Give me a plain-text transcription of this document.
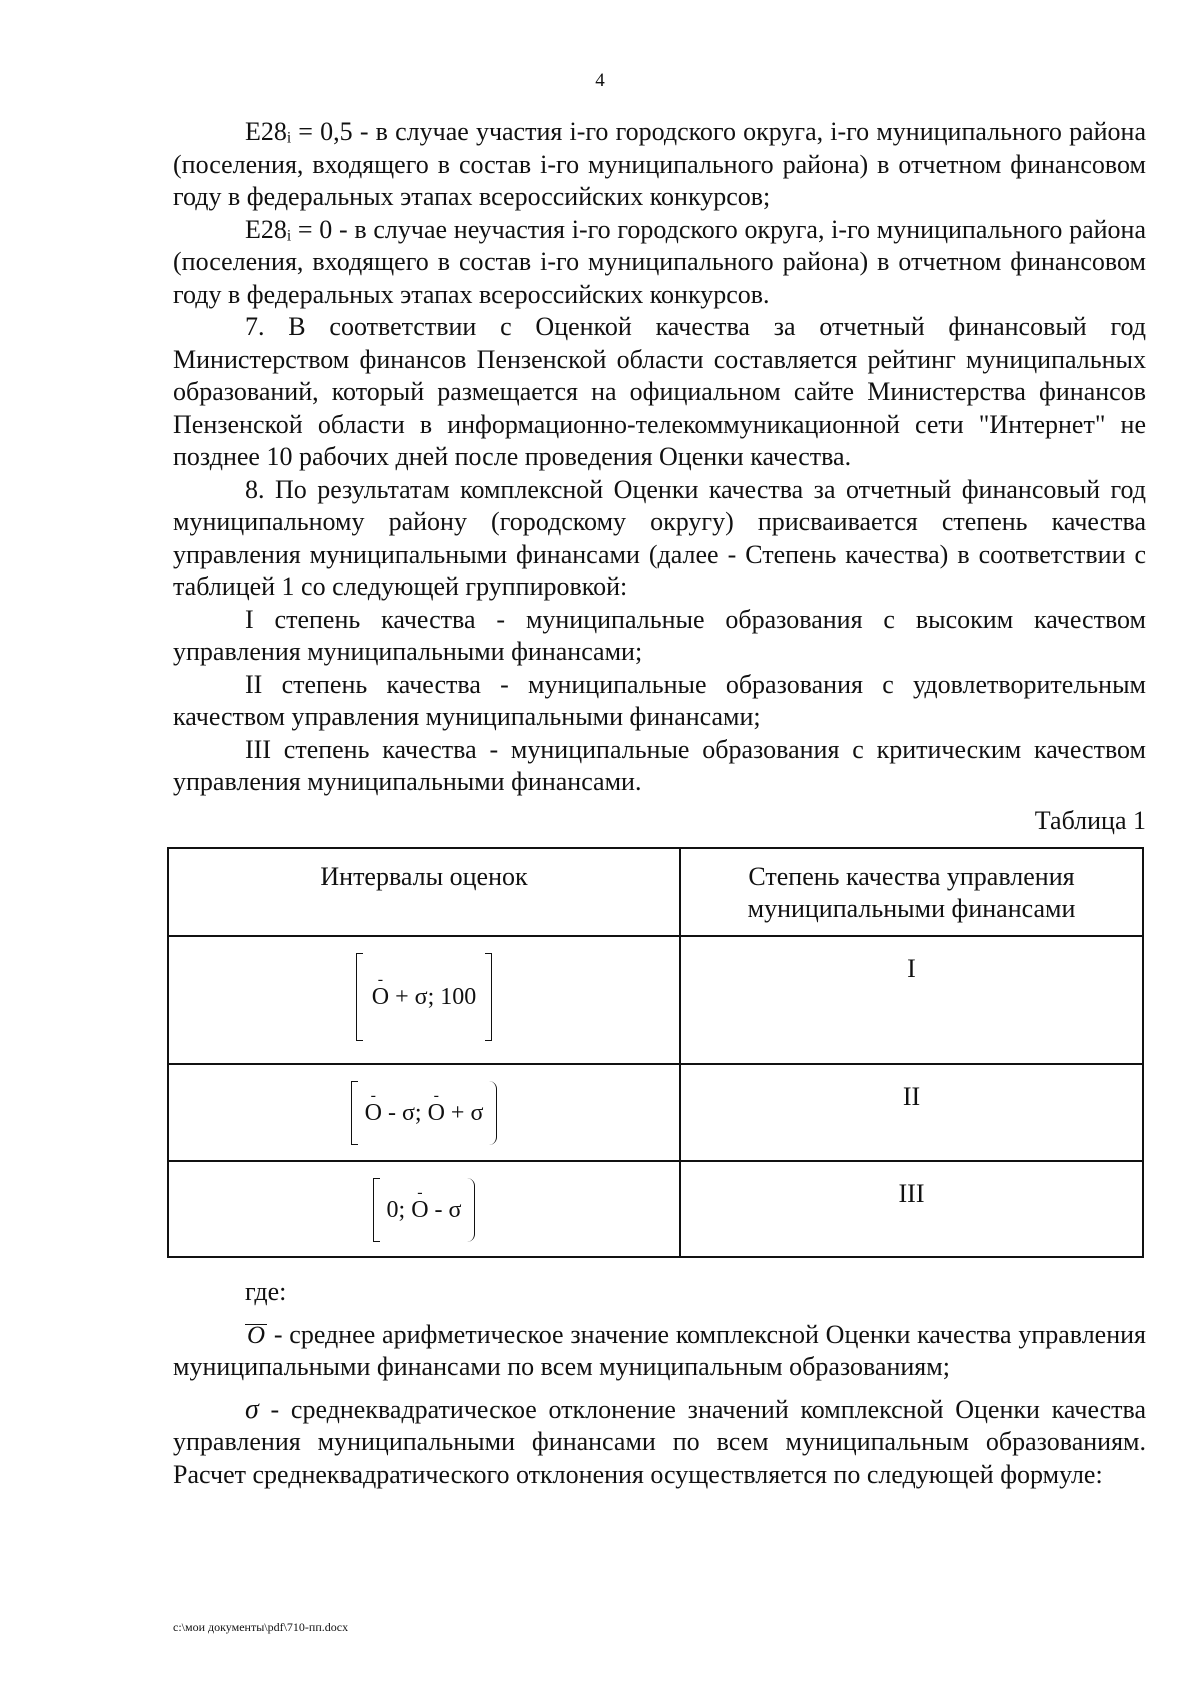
4

E28ᵢ = 0,5 - в случае участия i-го городского округа, i-го муниципального района (поселения, входящего в состав i-го муниципального района) в отчетном финансовом году в федеральных этапах всероссийских конкурсов;

E28ᵢ = 0 - в случае неучастия i-го городского округа, i-го муниципального района (поселения, входящего в состав i-го муниципального района) в отчетном финансовом году в федеральных этапах всероссийских конкурсов.

7. В соответствии с Оценкой качества за отчетный финансовый год Министерством финансов Пензенской области составляется рейтинг муниципальных образований, который размещается на официальном сайте Министерства финансов Пензенской области в информационно-телекоммуникационной сети "Интернет" не позднее 10 рабочих дней после проведения Оценки качества.

8. По результатам комплексной Оценки качества за отчетный финансовый год муниципальному району (городскому округу) присваивается степень качества управления муниципальными финансами (далее - Степень качества) в соответствии с таблицей 1 со следующей группировкой:

I степень качества - муниципальные образования с высоким качеством управления муниципальными финансами;

II степень качества - муниципальные образования с удовлетворительным качеством управления муниципальными финансами;

III степень качества - муниципальные образования с критическим качеством управления муниципальными финансами.

Таблица 1

Интервалы оценок	Степень качества управления муниципальными финансами

- O + σ; 100	I

- O - σ; - O + σ	II

0; - O - σ	III

где:

O - среднее арифметическое значение комплексной Оценки качества управления муниципальными финансами по всем муниципальным образованиям;

σ - среднеквадратическое отклонение значений комплексной Оценки качества управления муниципальными финансами по всем муниципальным образованиям. Расчет среднеквадратического отклонения осуществляется по следующей формуле:

c:\мои документы\pdf\710-пп.docx
